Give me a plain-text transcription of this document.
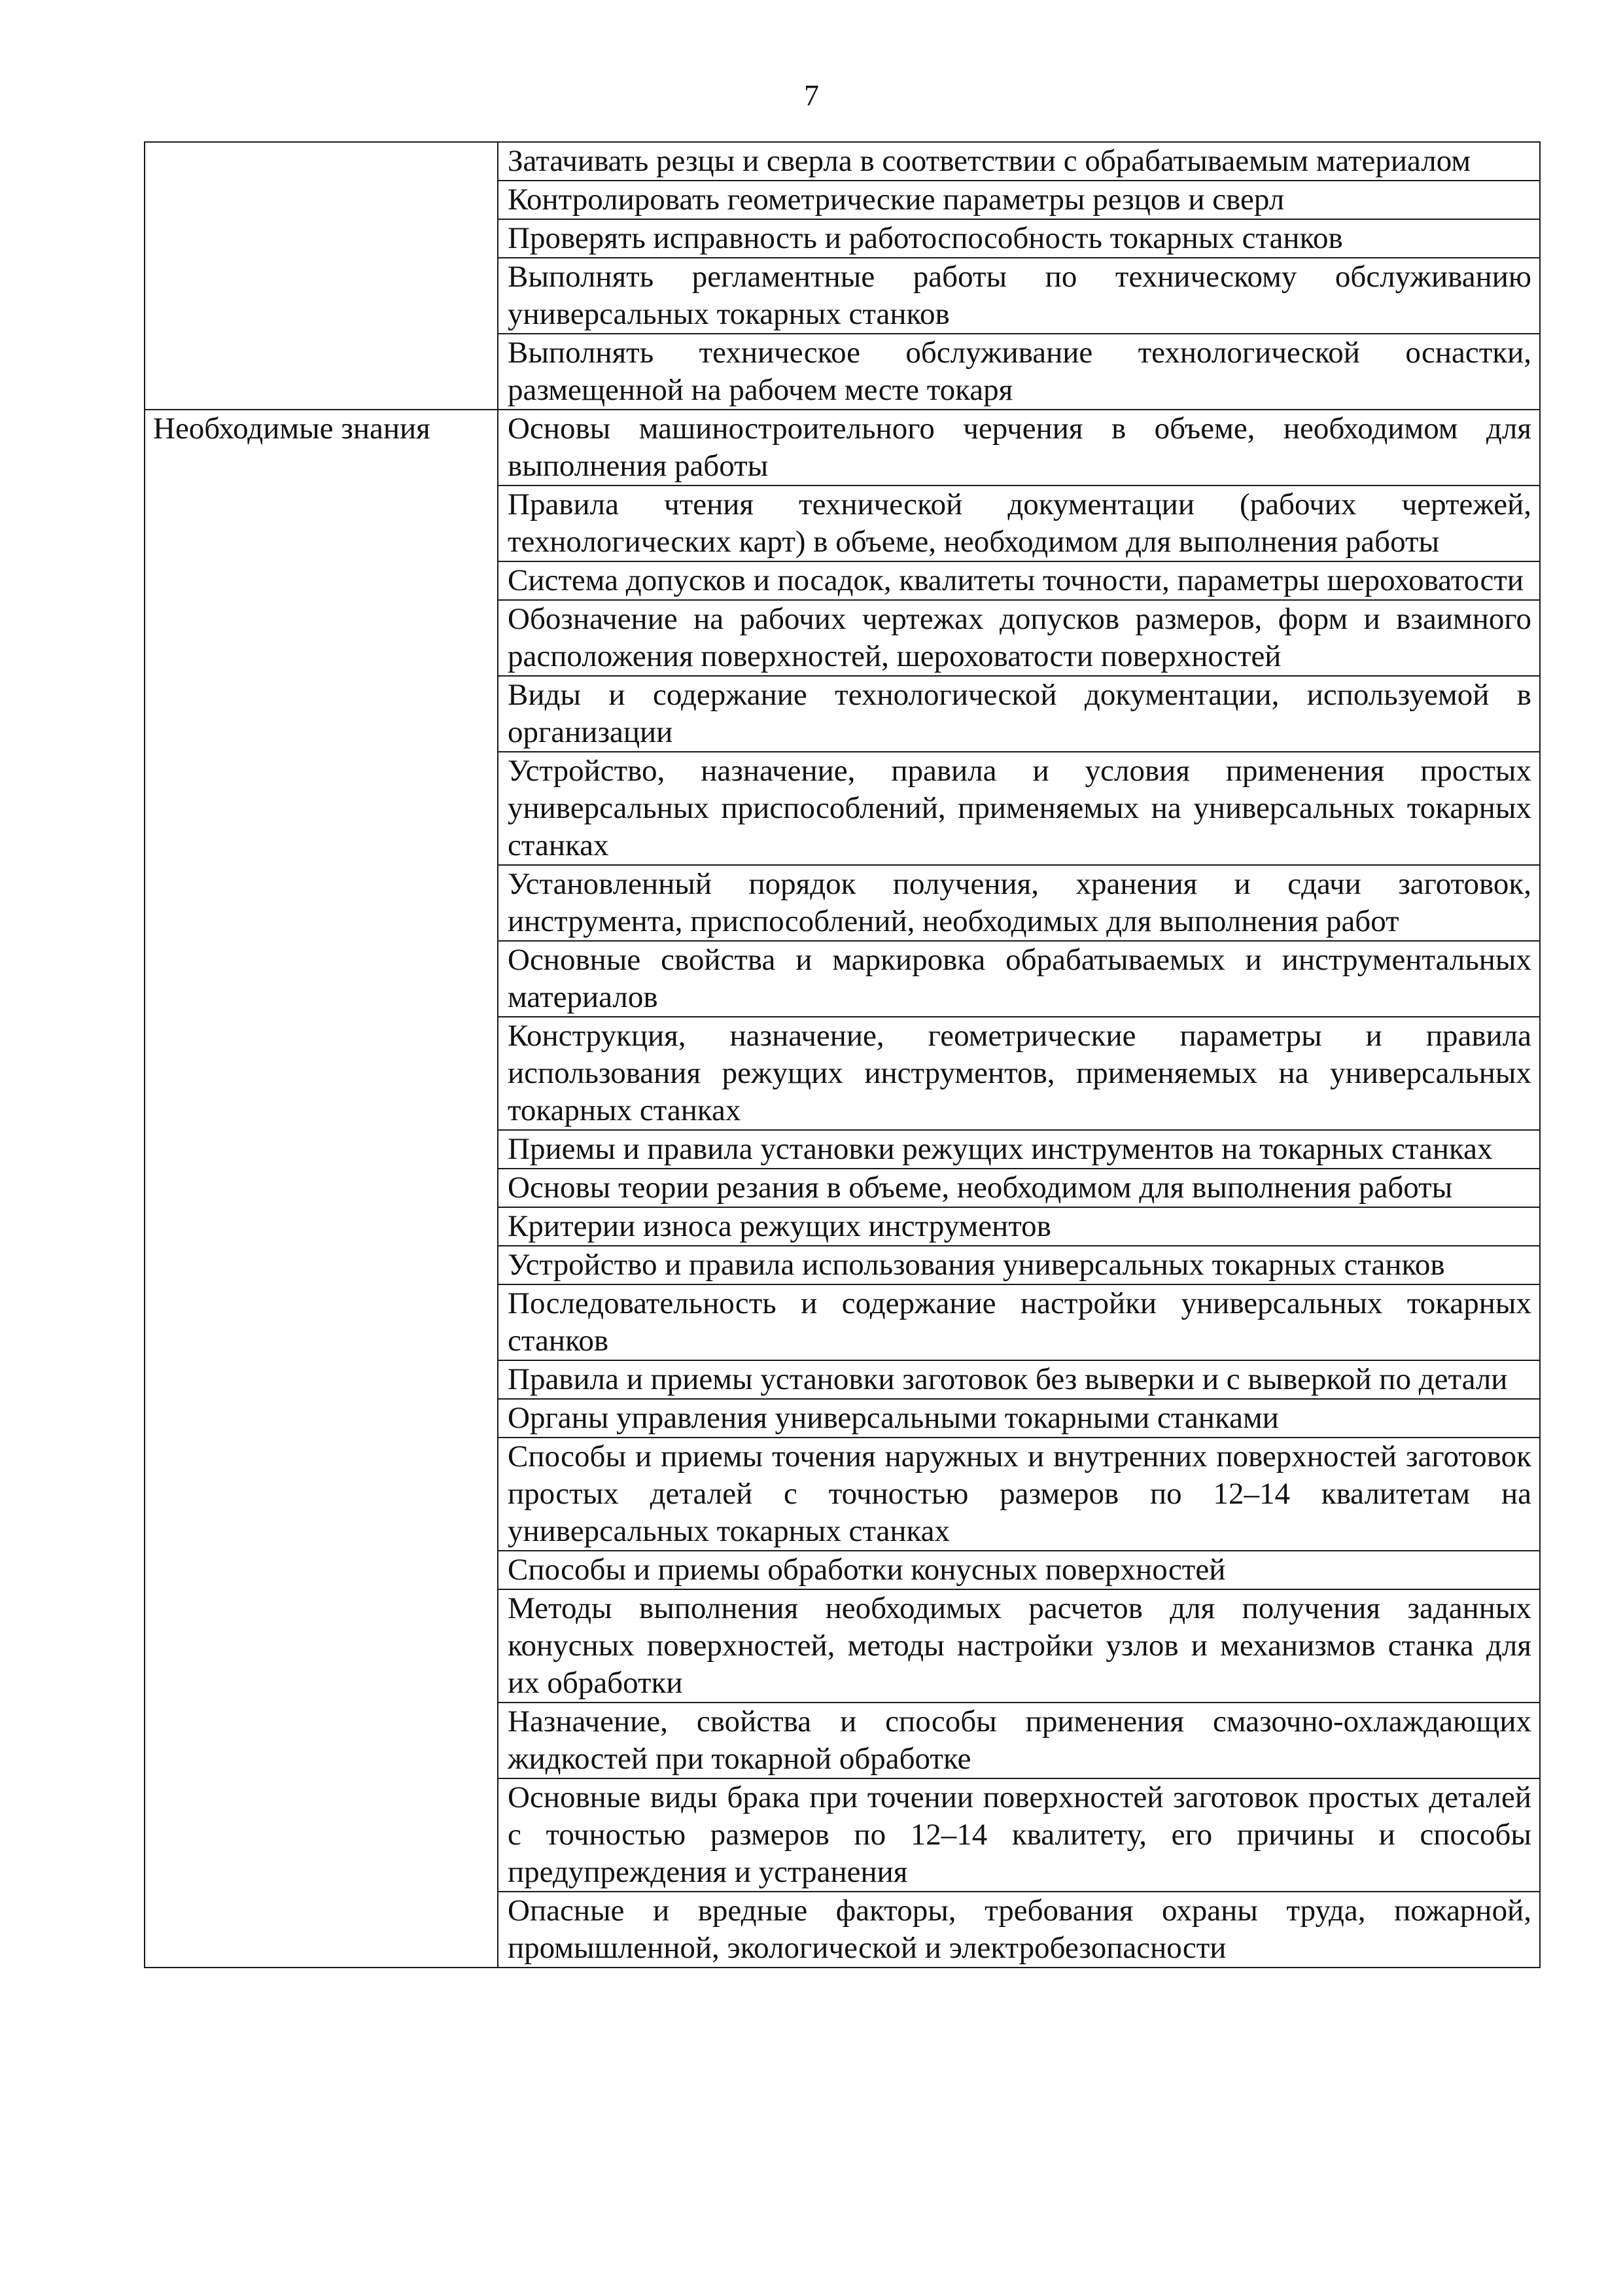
7
	Затачивать резцы и сверла в соответствии с обрабатываемым материалом
	Контролировать геометрические параметры резцов и сверл
	Проверять исправность и работоспособность токарных станков
	Выполнять регламентные работы по техническому обслуживанию универсальных токарных станков
	Выполнять техническое обслуживание технологической оснастки, размещенной на рабочем месте токаря
Необходимые знания	Основы машиностроительного черчения в объеме, необходимом для выполнения работы
	Правила чтения технической документации (рабочих чертежей, технологических карт) в объеме, необходимом для выполнения работы
	Система допусков и посадок, квалитеты точности, параметры шероховатости
	Обозначение на рабочих чертежах допусков размеров, форм и взаимного расположения поверхностей, шероховатости поверхностей
	Виды и содержание технологической документации, используемой в организации
	Устройство, назначение, правила и условия применения простых универсальных приспособлений, применяемых на универсальных токарных станках
	Установленный порядок получения, хранения и сдачи заготовок, инструмента, приспособлений, необходимых для выполнения работ
	Основные свойства и маркировка обрабатываемых и инструментальных материалов
	Конструкция, назначение, геометрические параметры и правила использования режущих инструментов, применяемых на универсальных токарных станках
	Приемы и правила установки режущих инструментов на токарных станках
	Основы теории резания в объеме, необходимом для выполнения работы
	Критерии износа режущих инструментов
	Устройство и правила использования универсальных токарных станков
	Последовательность и содержание настройки универсальных токарных станков
	Правила и приемы установки заготовок без выверки и с выверкой по детали
	Органы управления универсальными токарными станками
	Способы и приемы точения наружных и внутренних поверхностей заготовок простых деталей с точностью размеров по 12–14 квалитетам на универсальных токарных станках
	Способы и приемы обработки конусных поверхностей
	Методы выполнения необходимых расчетов для получения заданных конусных поверхностей, методы настройки узлов и механизмов станка для их обработки
	Назначение, свойства и способы применения смазочно-охлаждающих жидкостей при токарной обработке
	Основные виды брака при точении поверхностей заготовок простых деталей с точностью размеров по 12–14 квалитету, его причины и способы предупреждения и устранения
	Опасные и вредные факторы, требования охраны труда, пожарной, промышленной, экологической и электробезопасности
